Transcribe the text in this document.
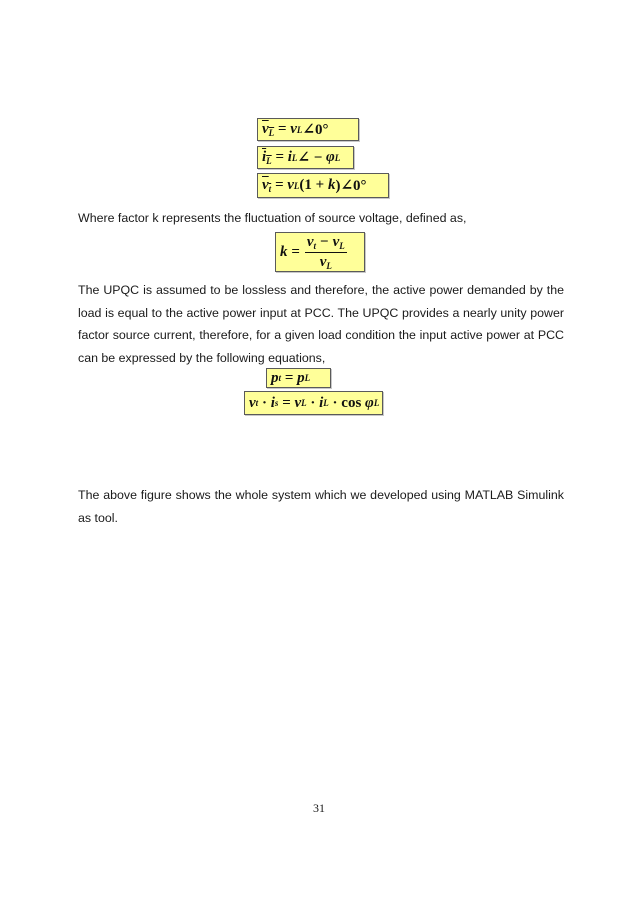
$v_L = v$ L ∠0°
$i_L = i$ L ∠ − φ L
$v_t = v$ L (1 + k )∠0°

Where factor k represents the fluctuation of source voltage, defined as,

$k = \frac{v_t - v_L}{v_L}$

The UPQC is assumed to be lossless and therefore, the active power demanded by the load is equal to the active power input at PCC. The UPQC provides a nearly unity power factor source current, therefore, for a given load condition the input active power at PCC can be expressed by the following equations,

p t = p L
v t
· i s = v L
· i L
· cos φ L

The above figure shows the whole system which we developed using MATLAB Simulink as tool.

31
